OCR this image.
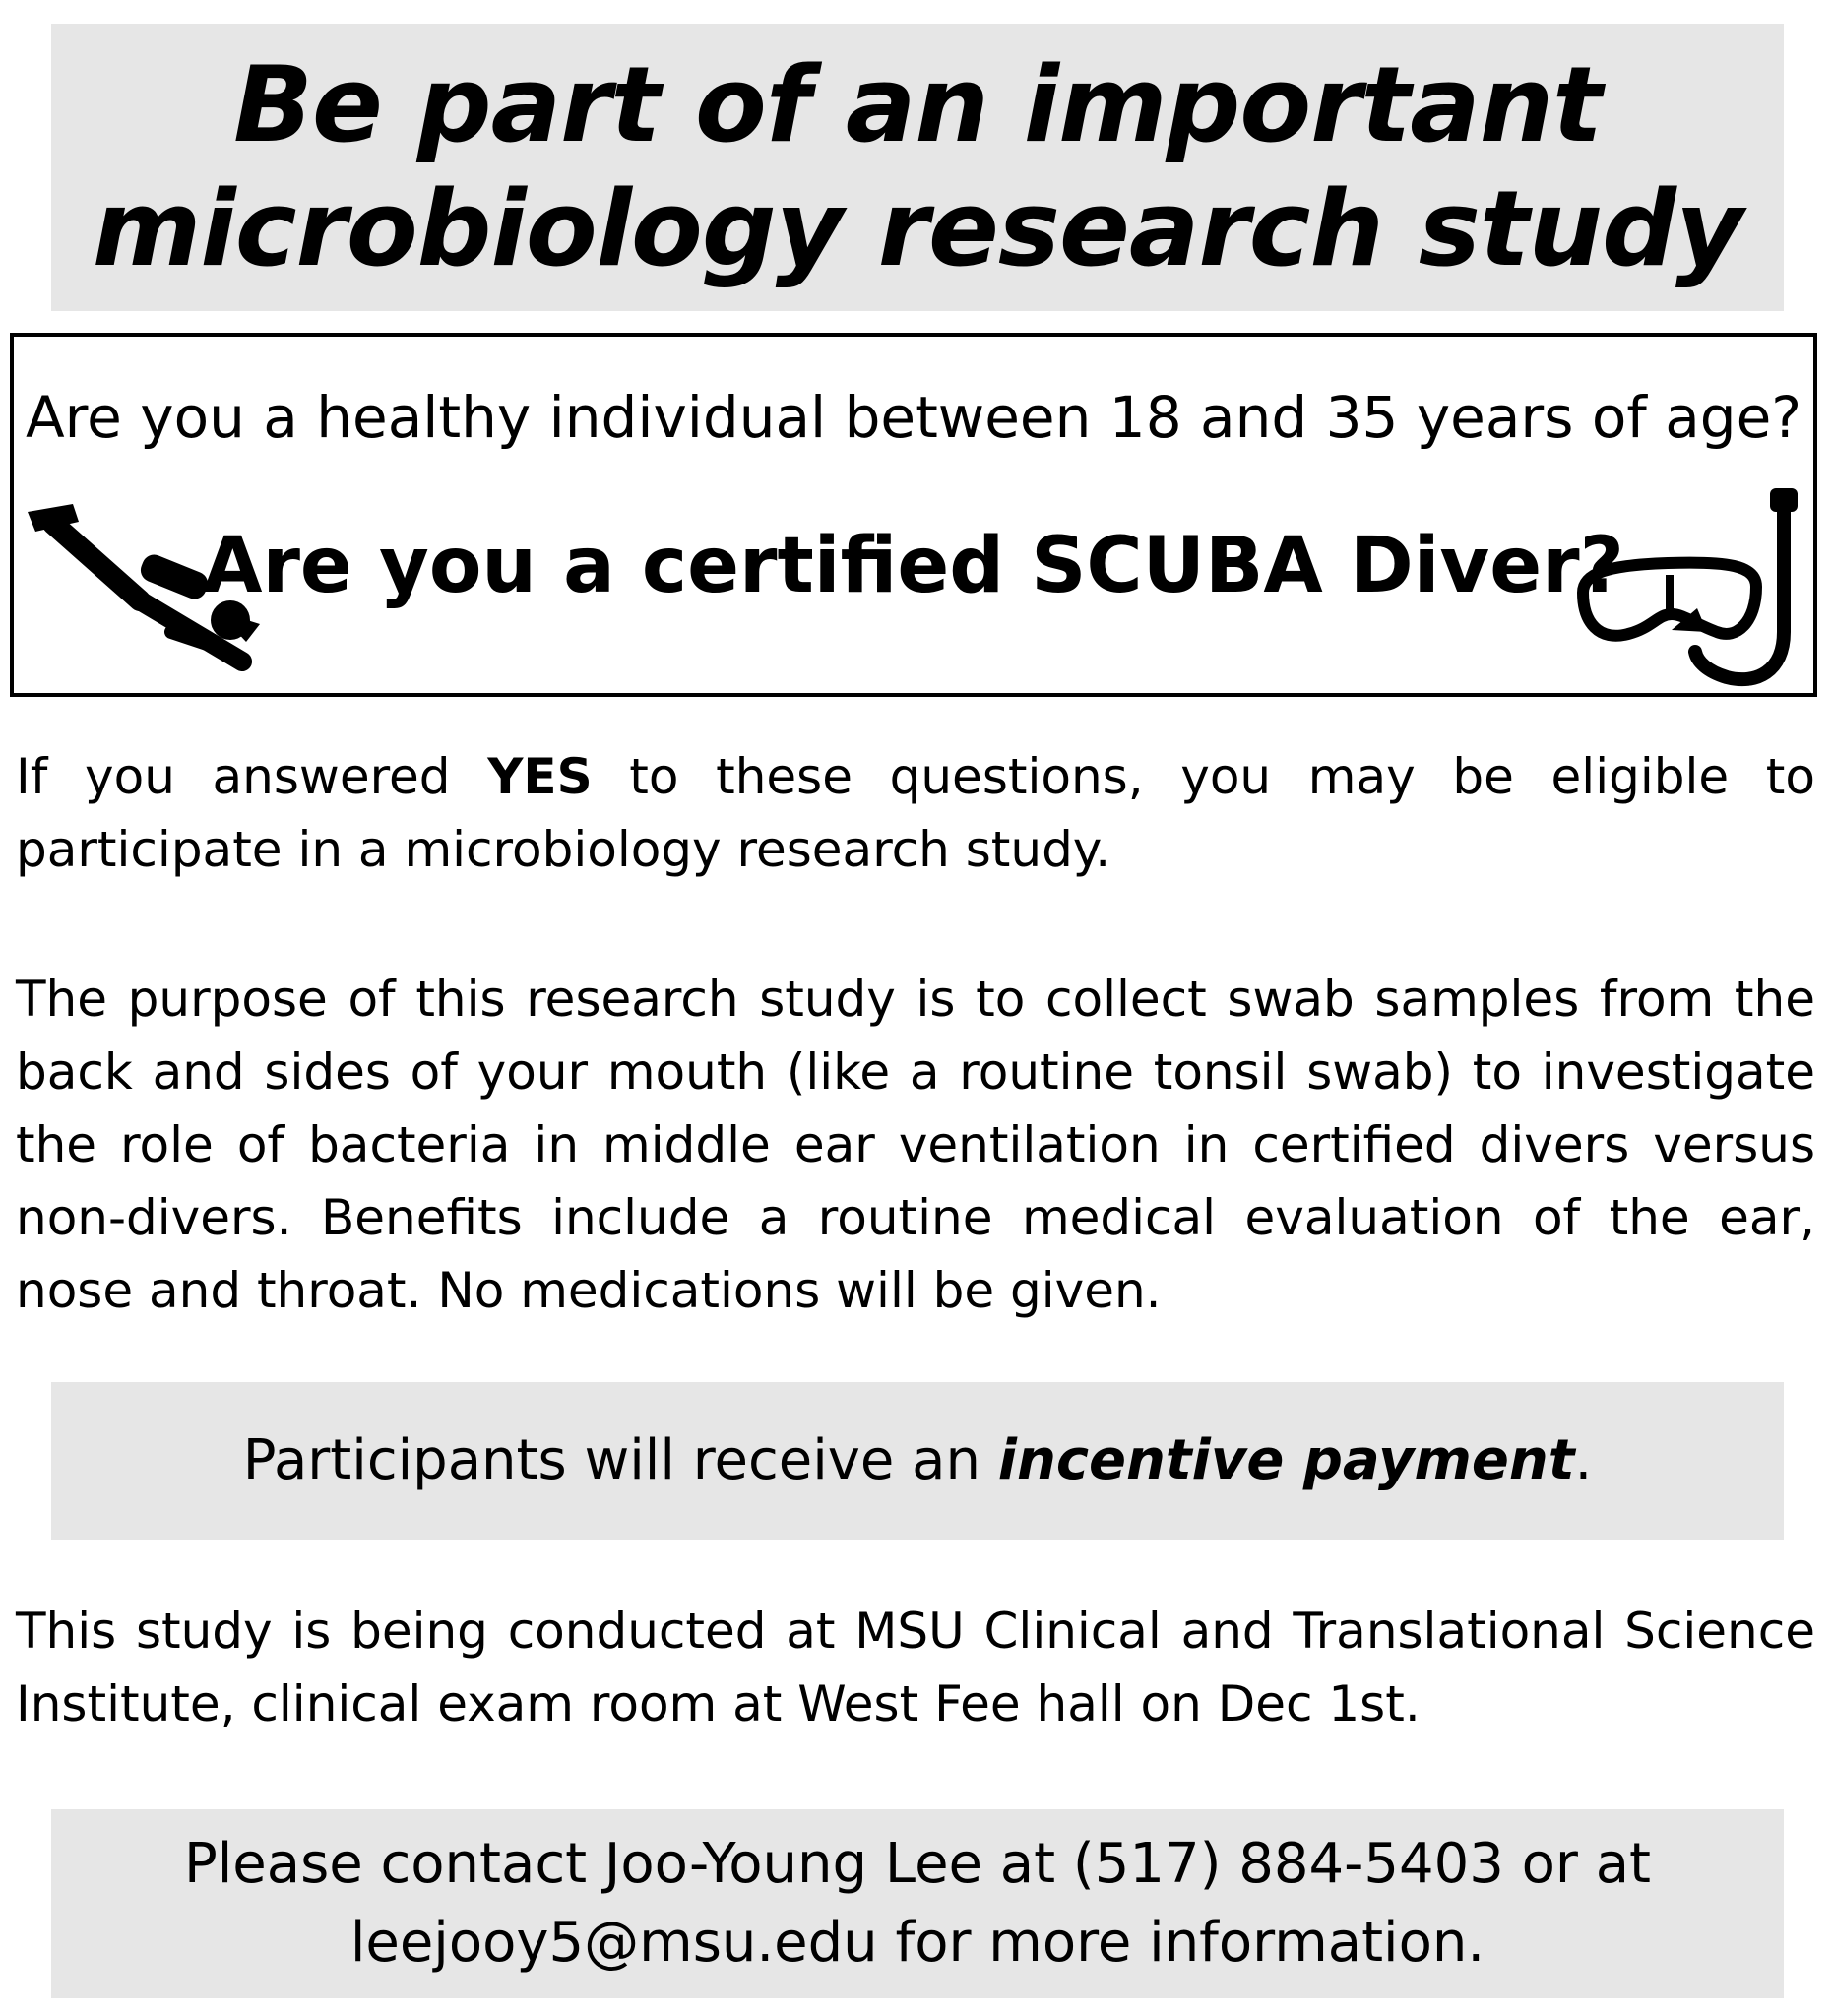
Be part of an important
microbiology research study
Are you a healthy individual between 18 and 35 years of age?
Are you a certified SCUBA Diver?
If you answered YES to these questions, you may be eligible to participate in a microbiology research study.
The purpose of this research study is to collect swab samples from the back and sides of your mouth (like a routine tonsil swab) to investigate the role of bacteria in middle ear ventilation in certified divers versus non-divers. Benefits include a routine medical evaluation of the ear, nose and throat. No medications will be given.
Participants will receive an incentive payment.
This study is being conducted at MSU Clinical and Translational Science Institute, clinical exam room at West Fee hall on Dec 1st.
Please contact Joo-Young Lee at (517) 884-5403 or at
leejooy5@msu.edu for more information.
